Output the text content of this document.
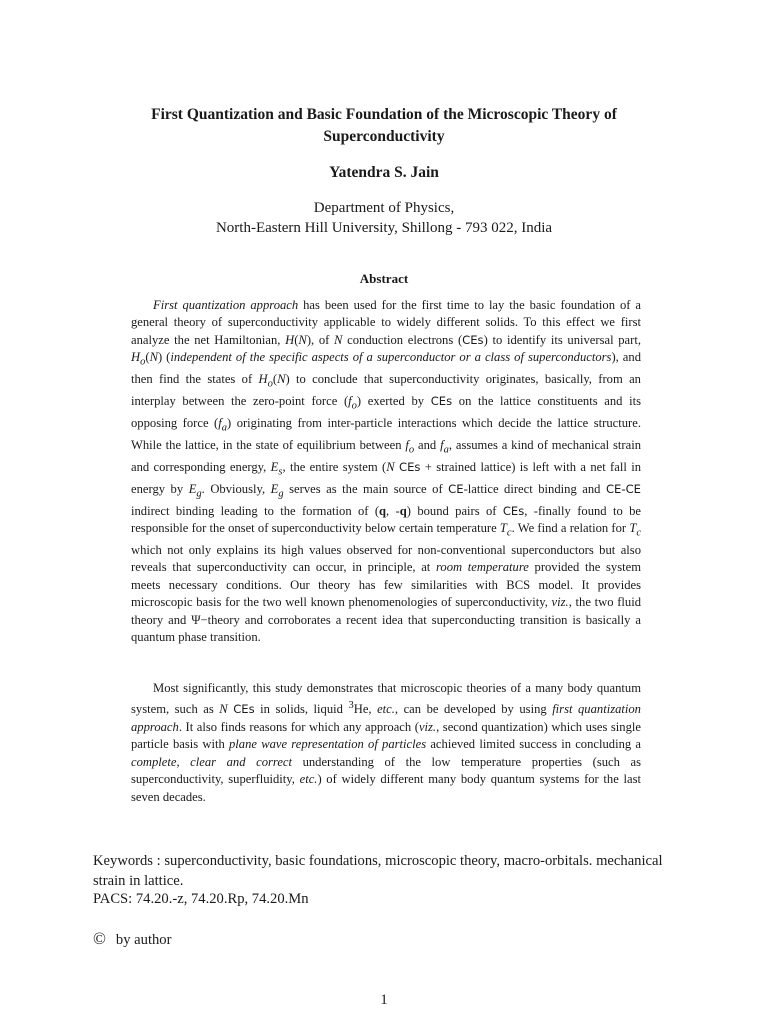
First Quantization and Basic Foundation of the Microscopic Theory of Superconductivity
Yatendra S. Jain
Department of Physics,
North-Eastern Hill University, Shillong - 793 022, India
Abstract

First quantization approach has been used for the first time to lay the basic foundation of a general theory of superconductivity applicable to widely different solids. To this effect we first analyze the net Hamiltonian, H(N), of N conduction electrons (CEs) to identify its universal part, $H_o(N)$ (independent of the specific aspects of a superconductor or a class of superconductors), and then find the states of $H_o(N)$ to conclude that superconductivity originates, basically, from an interplay between the zero-point force $(f_o)$ exerted by CEs on the lattice constituents and its opposing force $(f_a)$ originating from inter-particle interactions which decide the lattice structure. While the lattice, in the state of equilibrium between $f_o$ and $f_a$, assumes a kind of mechanical strain and corresponding energy, $E_s$, the entire system (N CEs + strained lattice) is left with a net fall in energy by $E_g$. Obviously, $E_g$ serves as the main source of CE-lattice direct binding and CE-CE indirect binding leading to the formation of (q, -q) bound pairs of CEs, -finally found to be responsible for the onset of superconductivity below certain temperature $T_c$. We find a relation for $T_c$ which not only explains its high values observed for non-conventional superconductors but also reveals that superconductivity can occur, in principle, at room temperature provided the system meets necessary conditions. Our theory has few similarities with BCS model. It provides microscopic basis for the two well known phenomenologies of superconductivity, viz., the two fluid theory and Ψ−theory and corroborates a recent idea that superconducting transition is basically a quantum phase transition.

Most significantly, this study demonstrates that microscopic theories of a many body quantum system, such as N CEs in solids, liquid $^3$He, etc., can be developed by using first quantization approach. It also finds reasons for which any approach (viz., second quantization) which uses single particle basis with plane wave representation of particles achieved limited success in concluding a complete, clear and correct understanding of the low temperature properties (such as superconductivity, superfluidity, etc.) of widely different many body quantum systems for the last seven decades.

Keywords : superconductivity, basic foundations, microscopic theory, macro-orbitals. mechanical strain in lattice.
PACS: 74.20.-z, 74.20.Rp, 74.20.Mn
© by author
1
